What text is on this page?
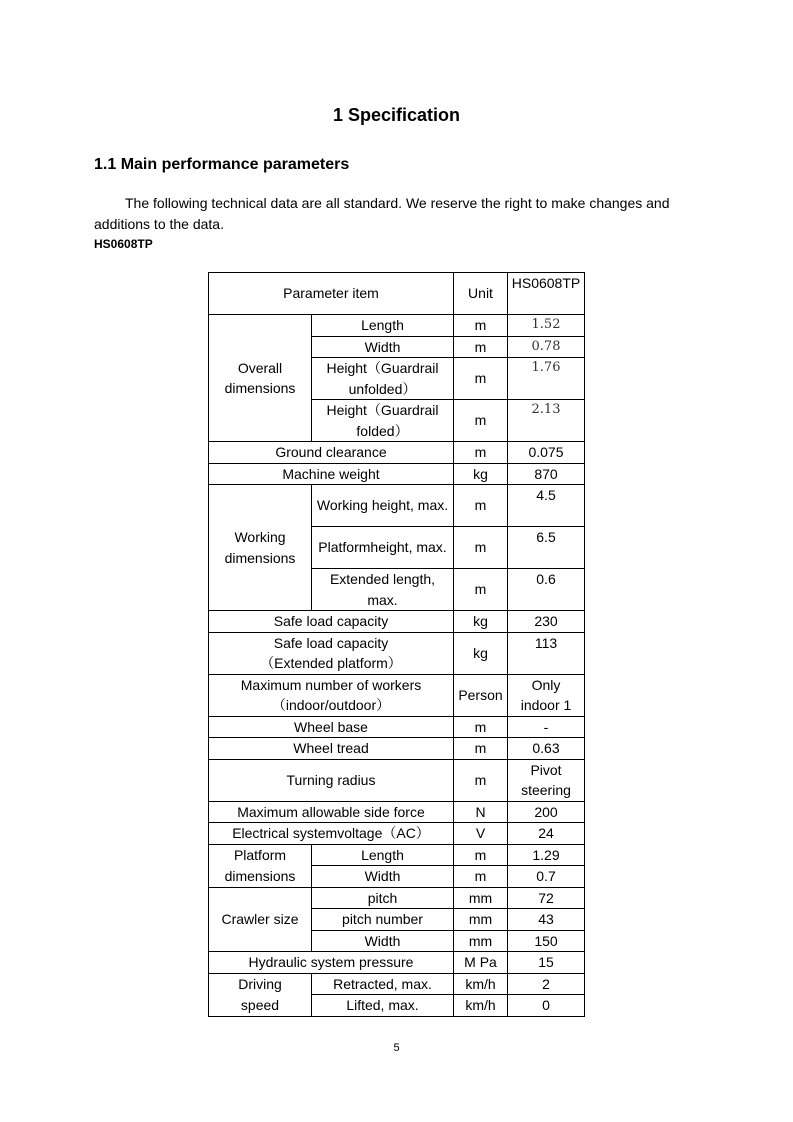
1 Specification
1.1 Main performance parameters

The following technical data are all standard. We reserve the right to make changes and additions to the data.

HS0608TP

Parameter item		Unit	HS0608TP
Overall dimensions	Length	m	1.52
	Width	m	0.78
	Height（Guardrail unfolded）	m	1.76
	Height（Guardrail folded）	m	2.13
Ground clearance		m	0.075
Machine weight		kg	870
Working dimensions	Working height, max.	m	4.5
	Platformheight, max.	m	6.5
	Extended length, max.	m	0.6
Safe load capacity		kg	230
Safe load capacity （Extended platform）		kg	113
Maximum number of workers（indoor/outdoor）		Person	Only indoor 1
Wheel base		m	-
Wheel tread		m	0.63
Turning radius		m	Pivot steering
Maximum allowable side force		N	200
Electrical systemvoltage（AC）		V	24
Platform dimensions	Length	m	1.29
	Width	m	0.7
Crawler size	pitch	mm	72
	pitch number	mm	43
	Width	mm	150
Hydraulic system pressure		M Pa	15
Driving speed	Retracted, max.	km/h	2
	Lifted, max.	km/h	0

5
